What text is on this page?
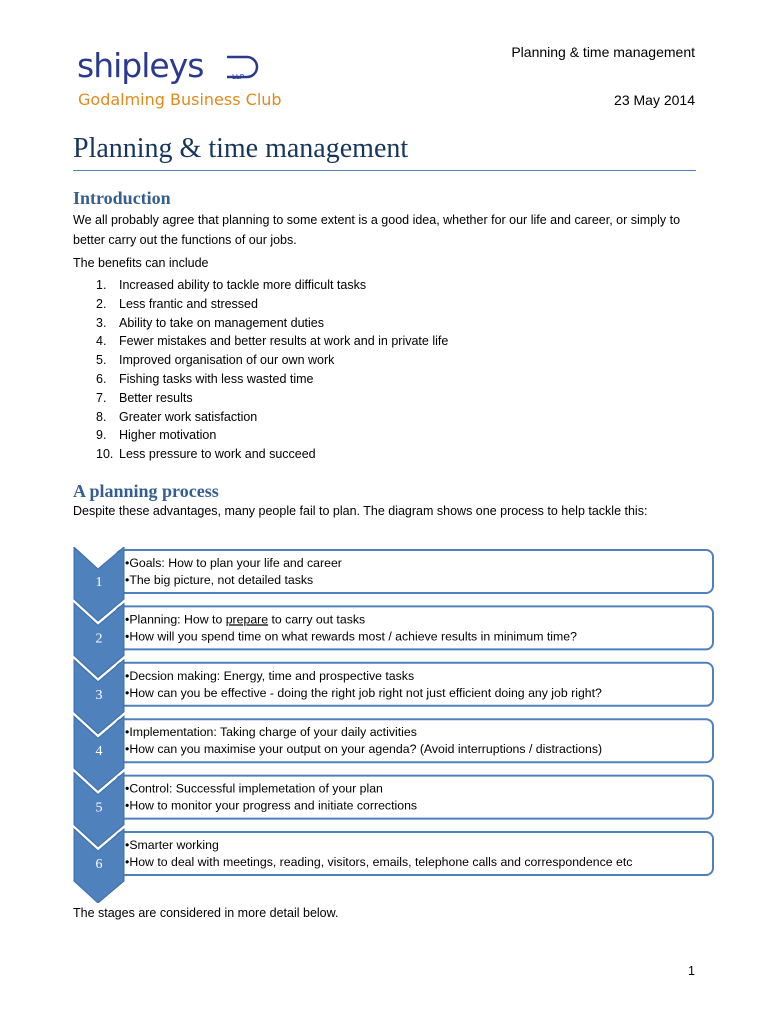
shipleys	LLP
Godalming Business Club
Planning & time management
23 May 2014
Planning & time management
Introduction
We all probably agree that planning to some extent is a good idea, whether for our life and career, or simply to better carry out the functions of our jobs.
The benefits can include
1.	Increased ability to tackle more difficult tasks
2.	Less frantic and stressed
3.	Ability to take on management duties
4.	Fewer mistakes and better results at work and in private life
5.	Improved organisation of our own work
6.	Fishing tasks with less wasted time
7.	Better results
8.	Greater work satisfaction
9.	Higher motivation
10. Less pressure to work and succeed
A planning process
Despite these advantages, many people fail to plan. The diagram shows one process to help tackle this:
1
•Goals: How to plan your life and career
•The big picture, not detailed tasks
2
•Planning: How to prepare to carry out tasks
•How will you spend time on what rewards most / achieve results in minimum time?
3
•Decsion making: Energy, time and prospective tasks
•How can you be effective - doing the right job right not just efficient doing any job right?
4
•Implementation: Taking charge of your daily activities
•How can you maximise your output on your agenda? (Avoid interruptions / distractions)
5
•Control: Successful implemetation of your plan
•How to monitor your progress and initiate corrections
6
•Smarter working
•How to deal with meetings, reading, visitors, emails, telephone calls and correspondence etc
The stages are considered in more detail below.
1
